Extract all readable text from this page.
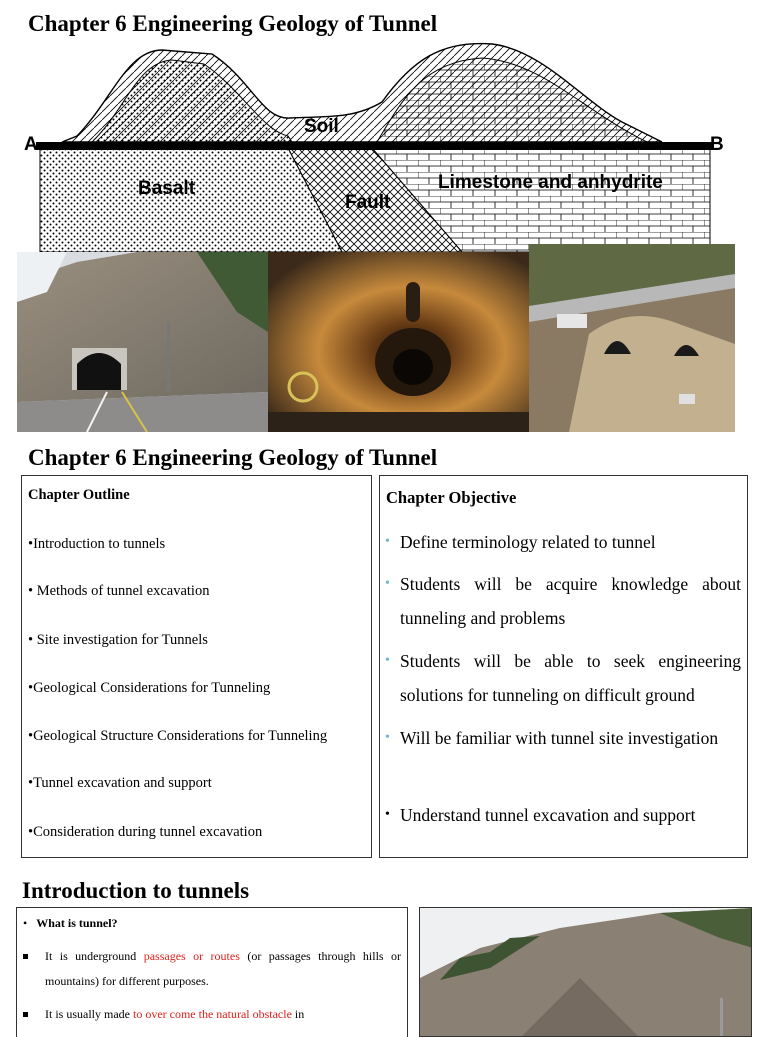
Chapter 6 Engineering Geology of Tunnel
A	B
Soil
Basalt
Fault
Limestone and anhydrite
Chapter 6 Engineering Geology of Tunnel
Chapter Outline
•Introduction to tunnels
• Methods of tunnel excavation
• Site investigation for Tunnels
•Geological Considerations for Tunneling
•Geological Structure Considerations for Tunneling
•Tunnel excavation and support
•Consideration during tunnel excavation
Chapter Objective
• Define terminology related to tunnel
• Students will be acquire knowledge about tunneling and problems
• Students will be able to seek engineering solutions for tunneling on difficult ground
• Will be familiar with tunnel site investigation
• Understand tunnel excavation and support
Introduction to tunnels
• What is tunnel?
It is underground passages or routes (or passages through hills or mountains) for different purposes.
It is usually made to over come the natural obstacle in
